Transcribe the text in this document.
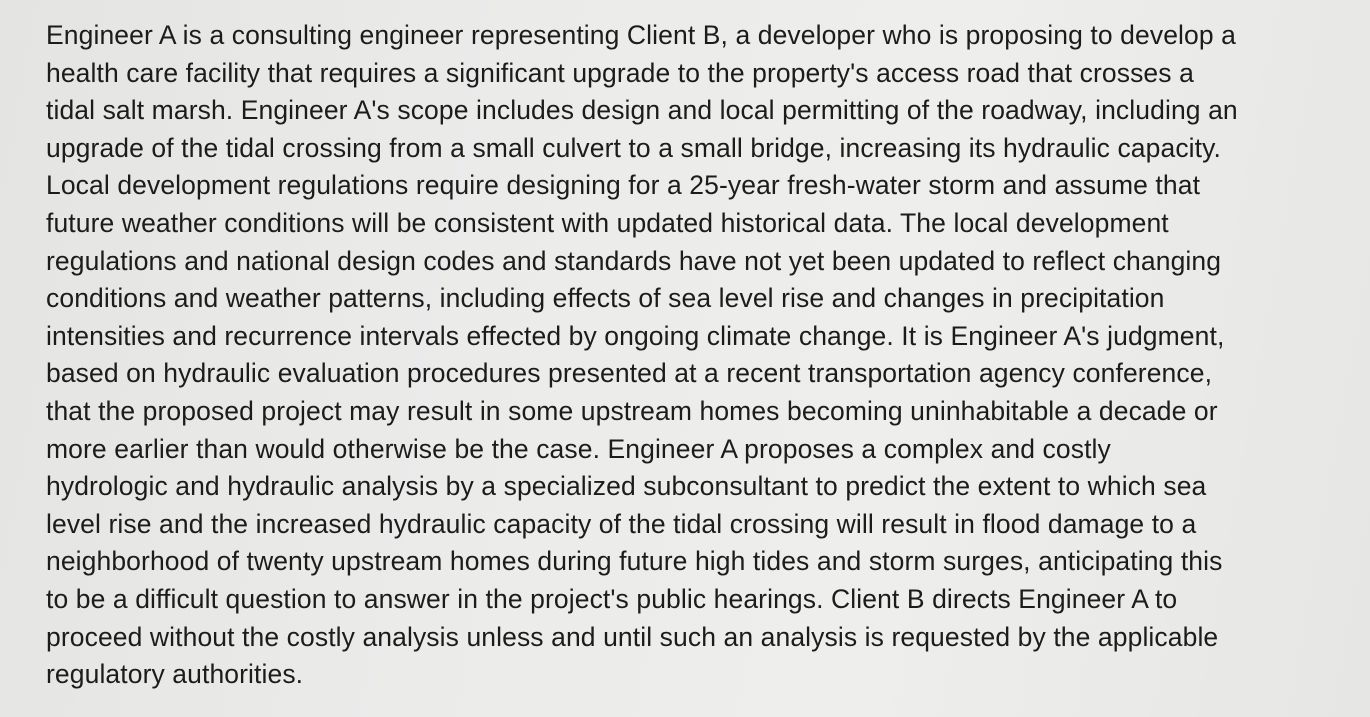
Engineer A is a consulting engineer representing Client B, a developer who is proposing to develop a
health care facility that requires a significant upgrade to the property's access road that crosses a
tidal salt marsh. Engineer A's scope includes design and local permitting of the roadway, including an
upgrade of the tidal crossing from a small culvert to a small bridge, increasing its hydraulic capacity.
Local development regulations require designing for a 25-year fresh-water storm and assume that
future weather conditions will be consistent with updated historical data. The local development
regulations and national design codes and standards have not yet been updated to reflect changing
conditions and weather patterns, including effects of sea level rise and changes in precipitation
intensities and recurrence intervals effected by ongoing climate change. It is Engineer A's judgment,
based on hydraulic evaluation procedures presented at a recent transportation agency conference,
that the proposed project may result in some upstream homes becoming uninhabitable a decade or
more earlier than would otherwise be the case. Engineer A proposes a complex and costly
hydrologic and hydraulic analysis by a specialized subconsultant to predict the extent to which sea
level rise and the increased hydraulic capacity of the tidal crossing will result in flood damage to a
neighborhood of twenty upstream homes during future high tides and storm surges, anticipating this
to be a difficult question to answer in the project's public hearings. Client B directs Engineer A to
proceed without the costly analysis unless and until such an analysis is requested by the applicable
regulatory authorities.
